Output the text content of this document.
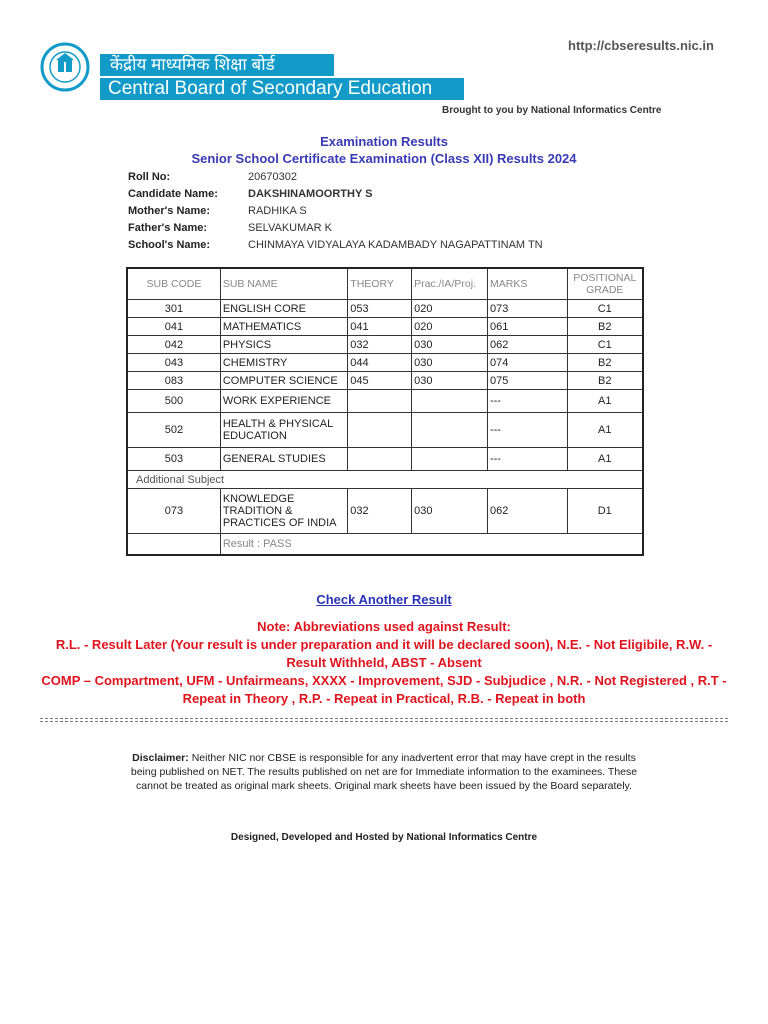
http://cbseresults.nic.in
केंद्रीय माध्यमिक शिक्षा बोर्ड
Central Board of Secondary Education
Brought to you by National Informatics Centre
Examination Results
Senior School Certificate Examination (Class XII) Results 2024
Roll No:	20670302
Candidate Name:	DAKSHINAMOORTHY S
Mother's Name:	RADHIKA S
Father's Name:	SELVAKUMAR K
School's Name:	CHINMAYA VIDYALAYA KADAMBADY NAGAPATTINAM TN
SUB CODE	SUB NAME	THEORY	Prac./IA/Proj.	MARKS	POSITIONAL GRADE
301	ENGLISH CORE	053	020	073	C1
041	MATHEMATICS	041	020	061	B2
042	PHYSICS	032	030	062	C1
043	CHEMISTRY	044	030	074	B2
083	COMPUTER SCIENCE	045	030	075	B2
500	WORK EXPERIENCE			---	A1
502	HEALTH & PHYSICAL EDUCATION			---	A1
503	GENERAL STUDIES			---	A1
Additional Subject					
073	KNOWLEDGE TRADITION & PRACTICES OF INDIA	032	030	062	D1
	Result : PASS				
Check Another Result
Note: Abbreviations used against Result:
R.L. - Result Later (Your result is under preparation and it will be declared soon), N.E. - Not Eligibile, R.W. - Result Withheld, ABST - Absent
COMP – Compartment, UFM - Unfairmeans, XXXX - Improvement, SJD - Subjudice , N.R. - Not Registered , R.T - Repeat in Theory , R.P. - Repeat in Practical, R.B. - Repeat in both
Disclaimer: Neither NIC nor CBSE is responsible for any inadvertent error that may have crept in the results being published on NET. The results published on net are for Immediate information to the examinees. These cannot be treated as original mark sheets. Original mark sheets have been issued by the Board separately.
Designed, Developed and Hosted by National Informatics Centre
